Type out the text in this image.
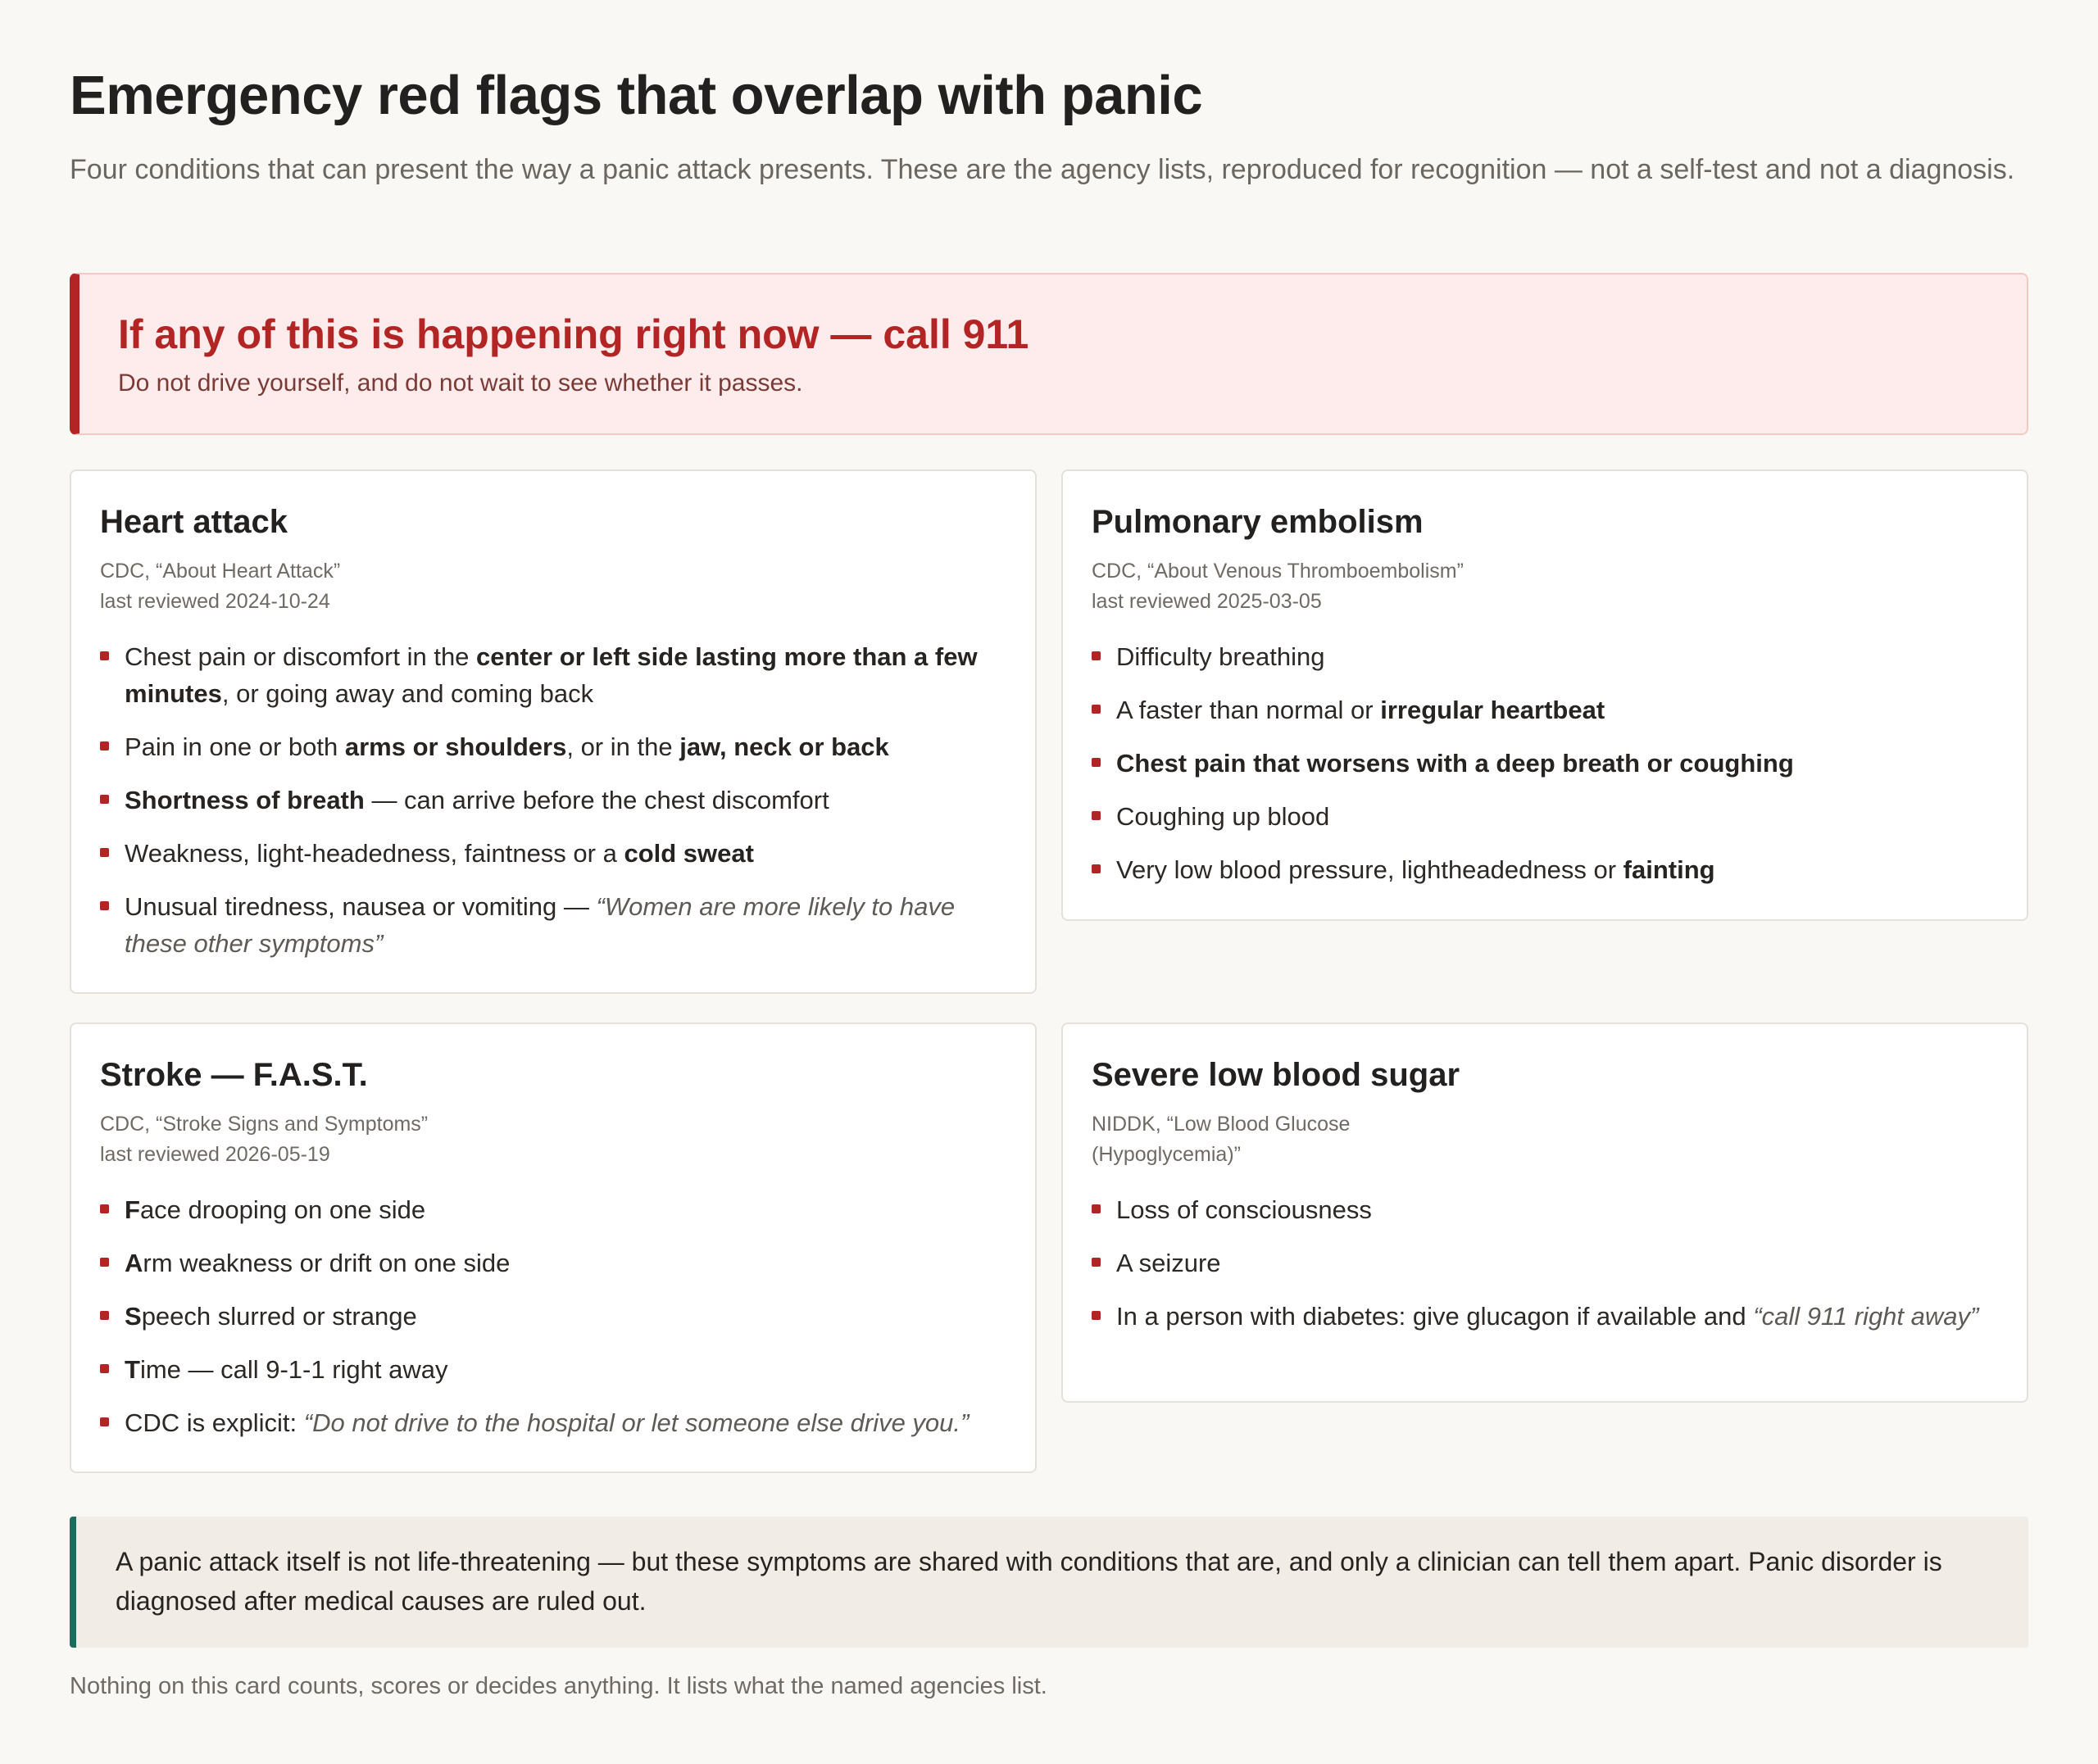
Emergency red flags that overlap with panic
Four conditions that can present the way a panic attack presents. These are the agency lists, reproduced for recognition — not a self-test and not a diagnosis.
If any of this is happening right now — call 911
Do not drive yourself, and do not wait to see whether it passes.
Heart attack
CDC, “About Heart Attack”
last reviewed 2024-10-24
Chest pain or discomfort in the center or left side lasting more than a few minutes, or going away and coming back
Pain in one or both arms or shoulders, or in the jaw, neck or back
Shortness of breath — can arrive before the chest discomfort
Weakness, light-headedness, faintness or a cold sweat
Unusual tiredness, nausea or vomiting — “Women are more likely to have these other symptoms”
Pulmonary embolism
CDC, “About Venous Thromboembolism”
last reviewed 2025-03-05
Difficulty breathing
A faster than normal or irregular heartbeat
Chest pain that worsens with a deep breath or coughing
Coughing up blood
Very low blood pressure, lightheadedness or fainting
Stroke — F.A.S.T.
CDC, “Stroke Signs and Symptoms”
last reviewed 2026-05-19
Face drooping on one side
Arm weakness or drift on one side
Speech slurred or strange
Time — call 9-1-1 right away
CDC is explicit: “Do not drive to the hospital or let someone else drive you.”
Severe low blood sugar
NIDDK, “Low Blood Glucose
(Hypoglycemia)”
Loss of consciousness
A seizure
In a person with diabetes: give glucagon if available and “call 911 right away”
A panic attack itself is not life-threatening — but these symptoms are shared with conditions that are, and only a clinician can tell them apart. Panic disorder is diagnosed after medical causes are ruled out.
Nothing on this card counts, scores or decides anything. It lists what the named agencies list.
